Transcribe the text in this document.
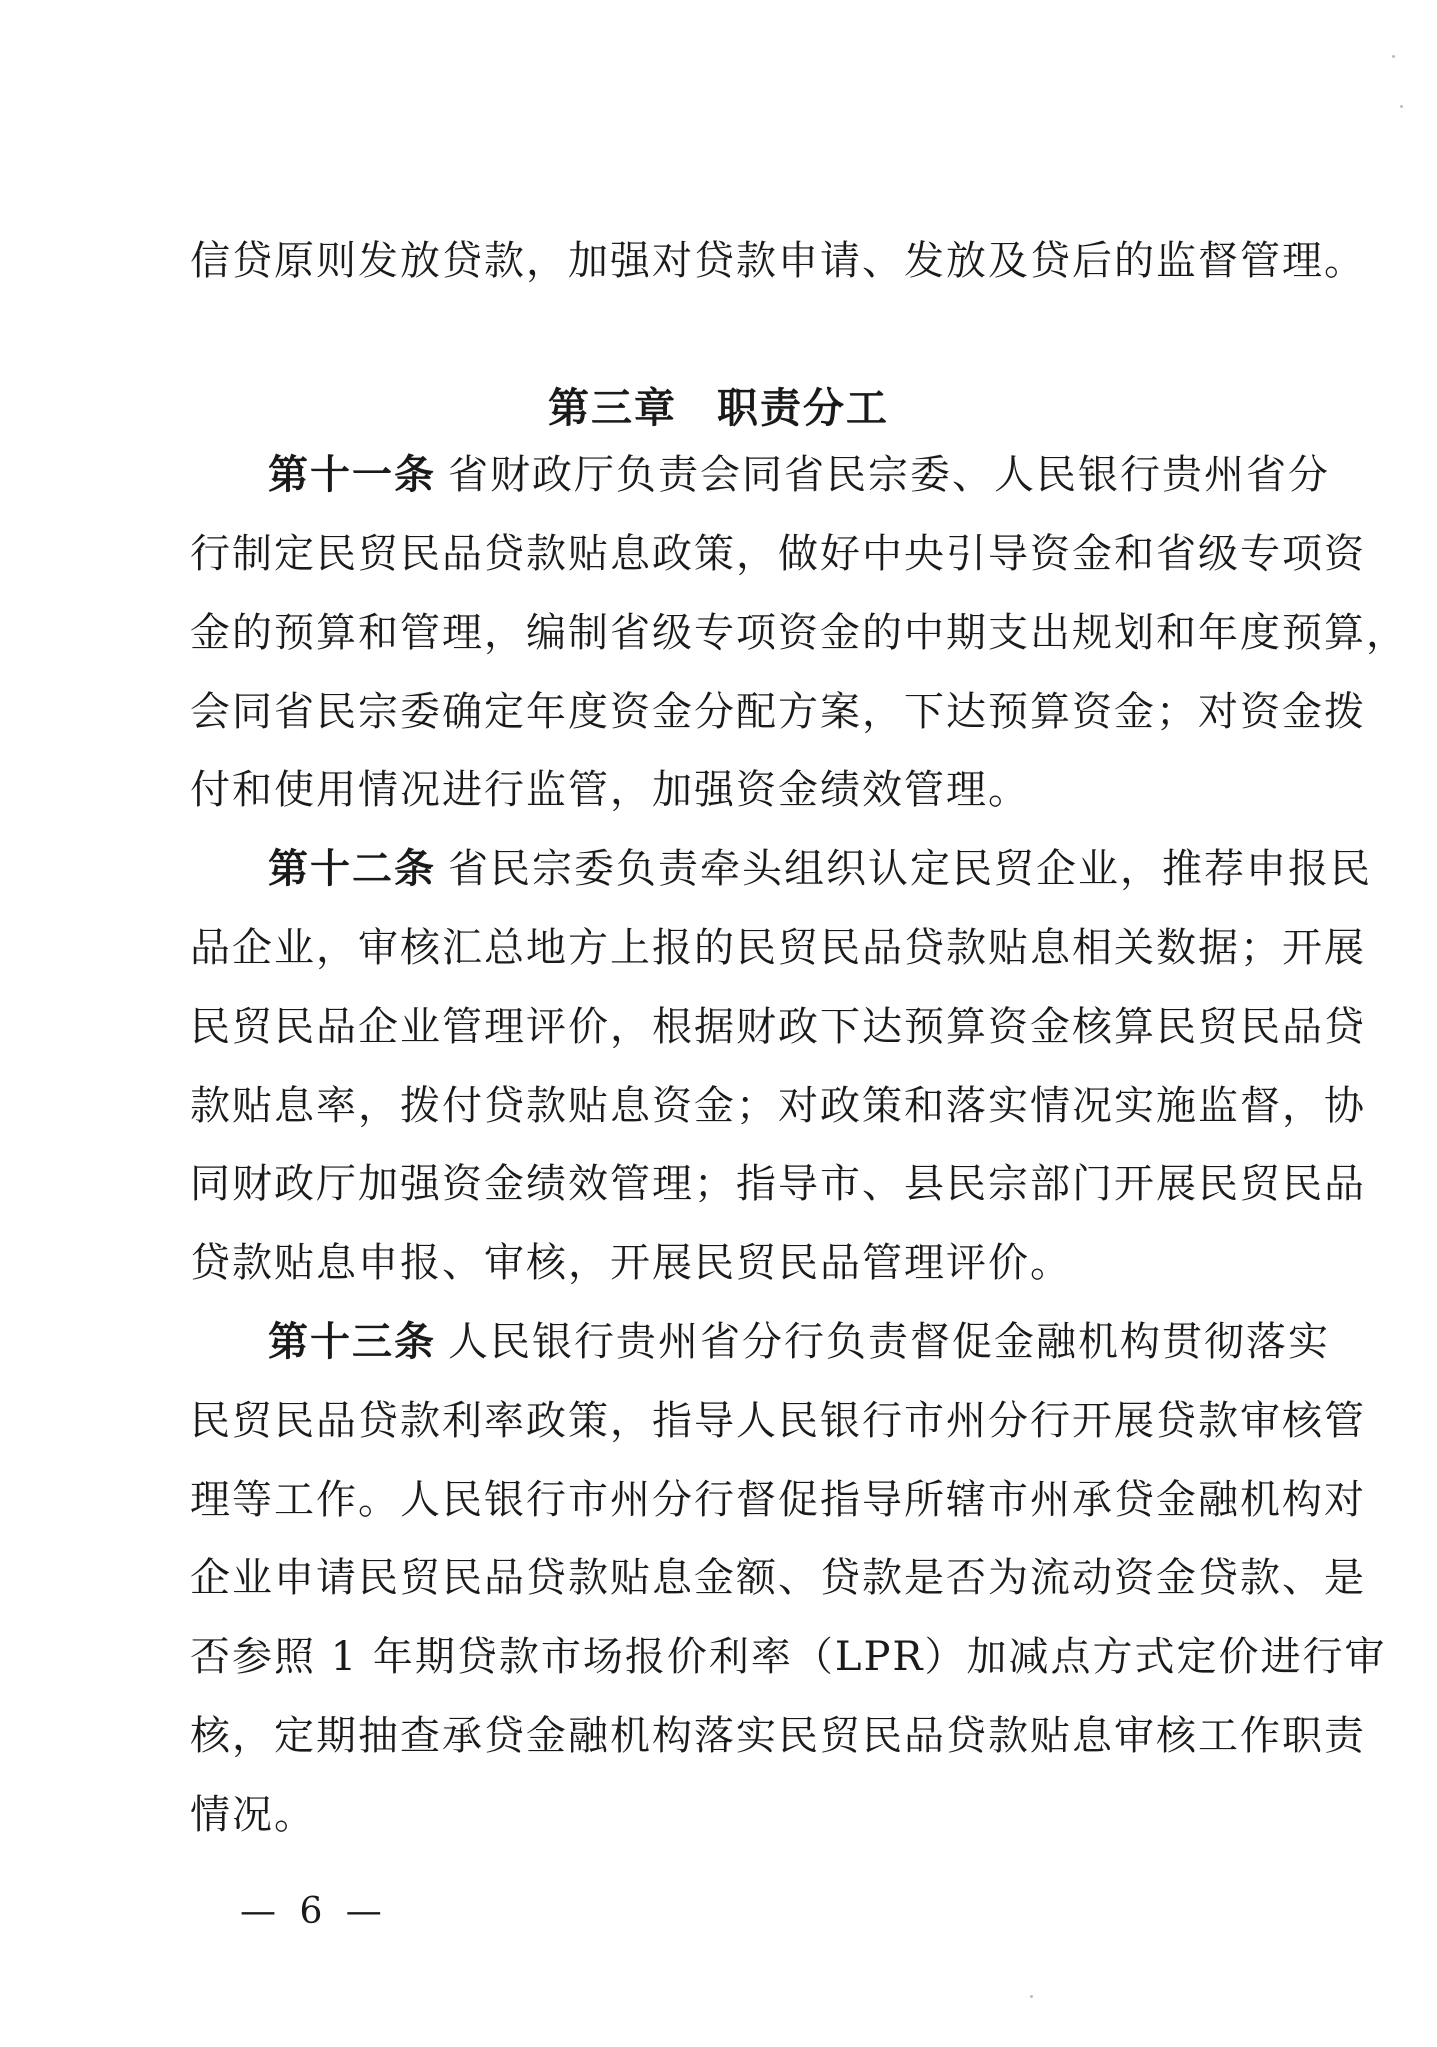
信贷原则发放贷款，加强对贷款申请、发放及贷后的监督管理。
第三章 职责分工
第十一条 省财政厅负责会同省民宗委、人民银行贵州省分
行制定民贸民品贷款贴息政策，做好中央引导资金和省级专项资
金的预算和管理，编制省级专项资金的中期支出规划和年度预算，
会同省民宗委确定年度资金分配方案，下达预算资金；对资金拨
付和使用情况进行监管，加强资金绩效管理。
第十二条 省民宗委负责牵头组织认定民贸企业，推荐申报民
品企业，审核汇总地方上报的民贸民品贷款贴息相关数据；开展
民贸民品企业管理评价，根据财政下达预算资金核算民贸民品贷
款贴息率，拨付贷款贴息资金；对政策和落实情况实施监督，协
同财政厅加强资金绩效管理；指导市、县民宗部门开展民贸民品
贷款贴息申报、审核，开展民贸民品管理评价。
第十三条 人民银行贵州省分行负责督促金融机构贯彻落实
民贸民品贷款利率政策，指导人民银行市州分行开展贷款审核管
理等工作。人民银行市州分行督促指导所辖市州承贷金融机构对
企业申请民贸民品贷款贴息金额、贷款是否为流动资金贷款、是
否参照 1 年期贷款市场报价利率（LPR）加减点方式定价进行审
核，定期抽查承贷金融机构落实民贸民品贷款贴息审核工作职责
情况。
— 6 —
